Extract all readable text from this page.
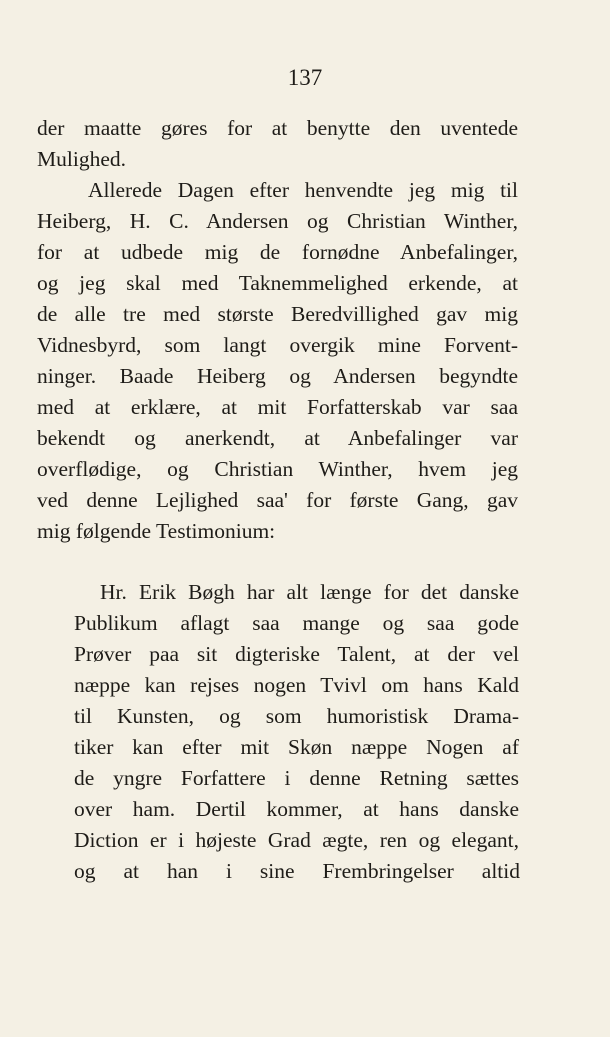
137
der maatte gøres for at benytte den uventede
Mulighed.
Allerede Dagen efter henvendte jeg mig til
Heiberg, H. C. Andersen og Christian Winther,
for at udbede mig de fornødne Anbefalinger,
og jeg skal med Taknemmelighed erkende, at
de alle tre med største Beredvillighed gav mig
Vidnesbyrd, som langt overgik mine Forvent-
ninger. Baade Heiberg og Andersen begyndte
med at erklære, at mit Forfatterskab var saa
bekendt og anerkendt, at Anbefalinger var
overflødige, og Christian Winther, hvem jeg
ved denne Lejlighed saa' for første Gang, gav
mig følgende Testimonium:
Hr. Erik Bøgh har alt længe for det danske
Publikum aflagt saa mange og saa gode
Prøver paa sit digteriske Talent, at der vel
næppe kan rejses nogen Tvivl om hans Kald
til Kunsten, og som humoristisk Drama-
tiker kan efter mit Skøn næppe Nogen af
de yngre Forfattere i denne Retning sættes
over ham. Dertil kommer, at hans danske
Diction er i højeste Grad ægte, ren og elegant,
og at han i sine Frembringelser altid
